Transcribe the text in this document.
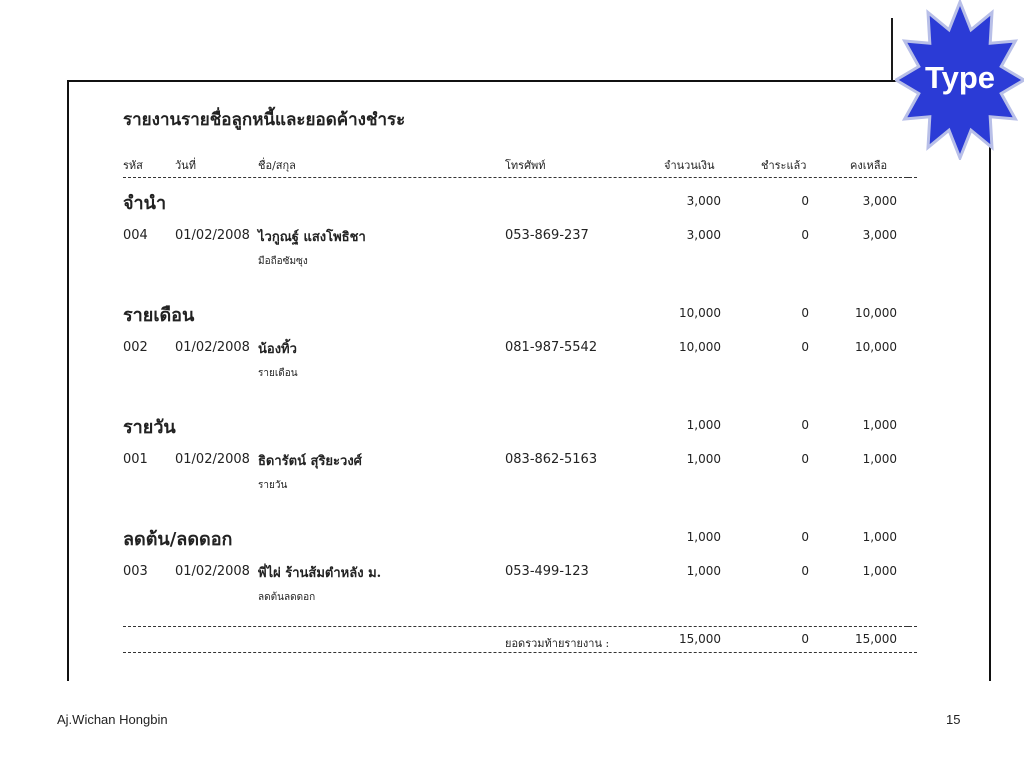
รายงานรายชื่อลูกหนี้และยอดค้างชำระ
รหัส	วันที่	ชื่อ/สกุล	โทรศัพท์	จำนวนเงิน	ชำระแล้ว	คงเหลือ
จำนำ	3,000	0	3,000
004 01/02/2008 ไวกูณฐ์ แสงโพธิชา	053-869-237	3,000	0	3,000
มือถือซัมซุง
รายเดือน	10,000	0	10,000
002 01/02/2008 น้องทิ้ว	081-987-5542	10,000	0	10,000
รายเดือน
รายวัน	1,000	0	1,000
001 01/02/2008 ธิดารัตน์ สุริยะวงศ์	083-862-5163	1,000	0	1,000
รายวัน
ลดต้น/ลดดอก	1,000	0	1,000
003 01/02/2008 พี่ไผ่ ร้านส้มตำหลัง ม.	053-499-123	1,000	0	1,000
ลดต้นลดดอก
ยอดรวมท้ายรายงาน :	15,000	0	15,000
Type
Aj.Wichan Hongbin	15
